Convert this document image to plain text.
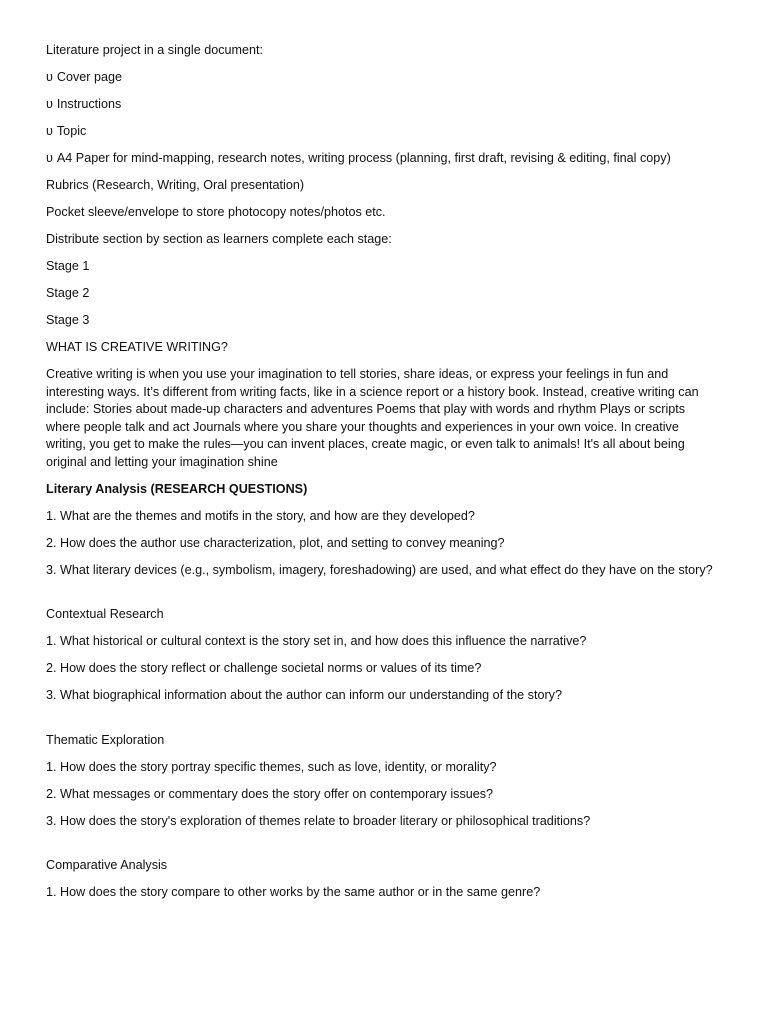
Literature project in a single document:

υ Cover page

υ Instructions

υ Topic

υ A4 Paper for mind-mapping, research notes, writing process (planning, first draft, revising & editing, final copy)

Rubrics (Research, Writing, Oral presentation)

Pocket sleeve/envelope to store photocopy notes/photos etc.

Distribute section by section as learners complete each stage:

Stage 1

Stage 2

Stage 3

WHAT IS CREATIVE WRITING?

Creative writing is when you use your imagination to tell stories, share ideas, or express your feelings in fun and interesting ways. It’s different from writing facts, like in a science report or a history book. Instead, creative writing can include: Stories about made-up characters and adventures Poems that play with words and rhythm Plays or scripts where people talk and act Journals where you share your thoughts and experiences in your own voice. In creative writing, you get to make the rules—you can invent places, create magic, or even talk to animals! It's all about being original and letting your imagination shine

Literary Analysis (RESEARCH QUESTIONS)

1. What are the themes and motifs in the story, and how are they developed?

2. How does the author use characterization, plot, and setting to convey meaning?

3. What literary devices (e.g., symbolism, imagery, foreshadowing) are used, and what effect do they have on the story?

Contextual Research

1. What historical or cultural context is the story set in, and how does this influence the narrative?

2. How does the story reflect or challenge societal norms or values of its time?

3. What biographical information about the author can inform our understanding of the story?

Thematic Exploration

1. How does the story portray specific themes, such as love, identity, or morality?

2. What messages or commentary does the story offer on contemporary issues?

3. How does the story's exploration of themes relate to broader literary or philosophical traditions?

Comparative Analysis

1. How does the story compare to other works by the same author or in the same genre?
